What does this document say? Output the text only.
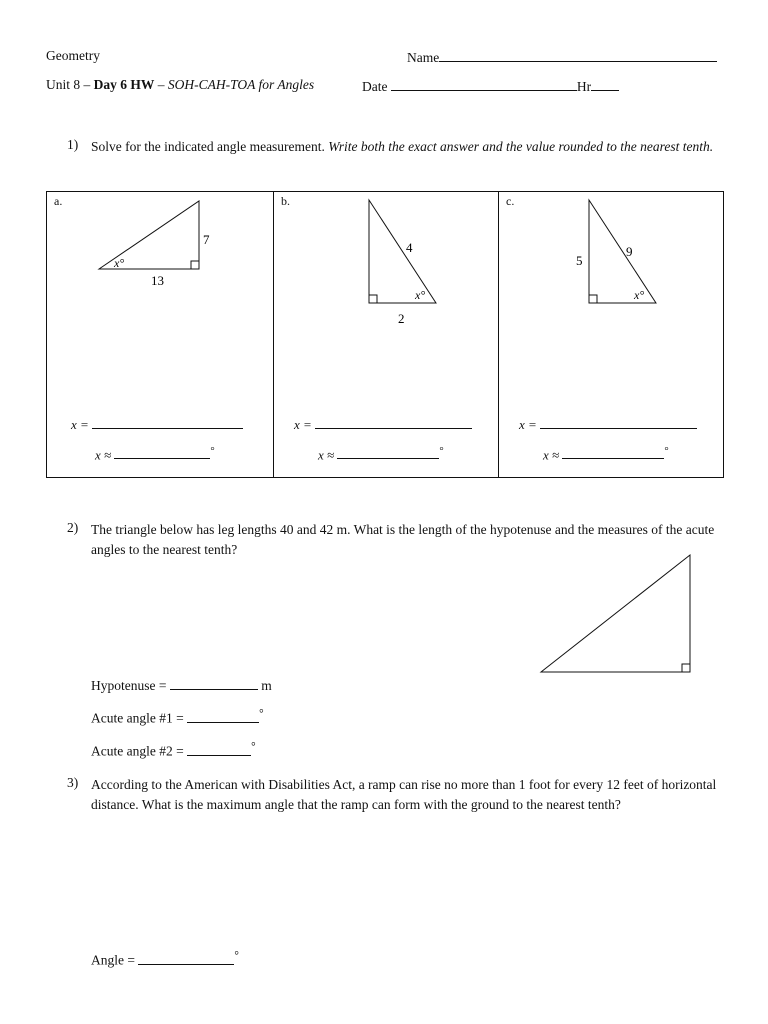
Geometry	Name
Unit 8 – Day 6 HW – SOH-CAH-TOA for Angles	Date	Hr
1) Solve for the indicated angle measurement. Write both the exact answer and the value rounded to the nearest tenth.
a.
7
13
x°
x =
x ≈	°
b.
4
2
x°
x =
x ≈	°
c.
5
9
x°
x =
x ≈	°
2) The triangle below has leg lengths 40 and 42 m. What is the length of the hypotenuse and the measures of the acute angles to the nearest tenth?
Hypotenuse =	m
Acute angle #1 =	°
Acute angle #2 =	°
3) According to the American with Disabilities Act, a ramp can rise no more than 1 foot for every 12 feet of horizontal distance. What is the maximum angle that the ramp can form with the ground to the nearest tenth?
Angle =	°
